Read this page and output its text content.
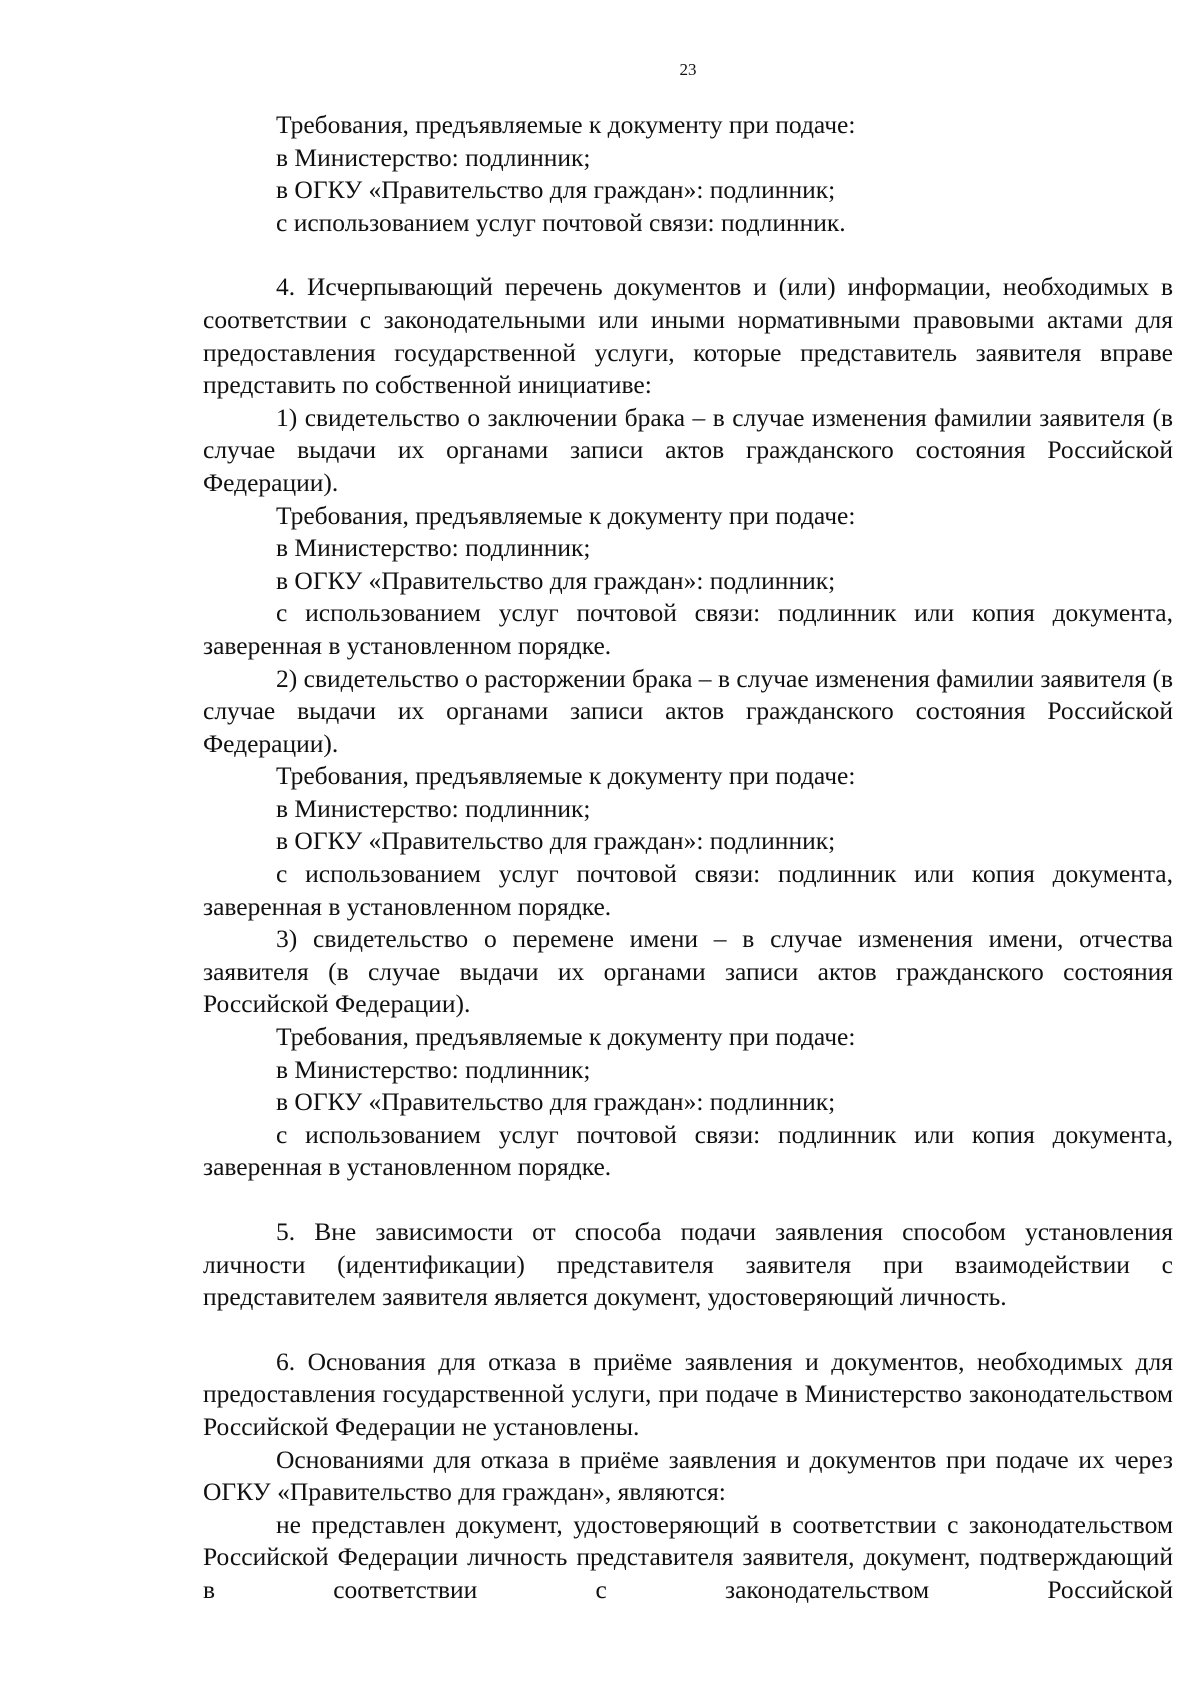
23

Требования, предъявляемые к документу при подаче:

в Министерство: подлинник;

в ОГКУ «Правительство для граждан»: подлинник;

с использованием услуг почтовой связи: подлинник.

4. Исчерпывающий перечень документов и (или) информации, необходимых в соответствии с законодательными или иными нормативными правовыми актами для предоставления государственной услуги, которые представитель заявителя вправе представить по собственной инициативе:

1) свидетельство о заключении брака – в случае изменения фамилии заявителя (в случае выдачи их органами записи актов гражданского состояния Российской Федерации).

Требования, предъявляемые к документу при подаче:

в Министерство: подлинник;

в ОГКУ «Правительство для граждан»: подлинник;

с использованием услуг почтовой связи: подлинник или копия документа, заверенная в установленном порядке.

2) свидетельство о расторжении брака – в случае изменения фамилии заявителя (в случае выдачи их органами записи актов гражданского состояния Российской Федерации).

Требования, предъявляемые к документу при подаче:

в Министерство: подлинник;

в ОГКУ «Правительство для граждан»: подлинник;

с использованием услуг почтовой связи: подлинник или копия документа, заверенная в установленном порядке.

3) свидетельство о перемене имени – в случае изменения имени, отчества заявителя (в случае выдачи их органами записи актов гражданского состояния Российской Федерации).

Требования, предъявляемые к документу при подаче:

в Министерство: подлинник;

в ОГКУ «Правительство для граждан»: подлинник;

с использованием услуг почтовой связи: подлинник или копия документа, заверенная в установленном порядке.

5. Вне зависимости от способа подачи заявления способом установления личности (идентификации) представителя заявителя при взаимодействии с представителем заявителя является документ, удостоверяющий личность.

6. Основания для отказа в приёме заявления и документов, необходимых для предоставления государственной услуги, при подаче в Министерство законодательством Российской Федерации не установлены.

Основаниями для отказа в приёме заявления и документов при подаче их через ОГКУ «Правительство для граждан», являются:

не представлен документ, удостоверяющий в соответствии с законодательством Российской Федерации личность представителя заявителя, документ, подтверждающий в соответствии с законодательством Российской
